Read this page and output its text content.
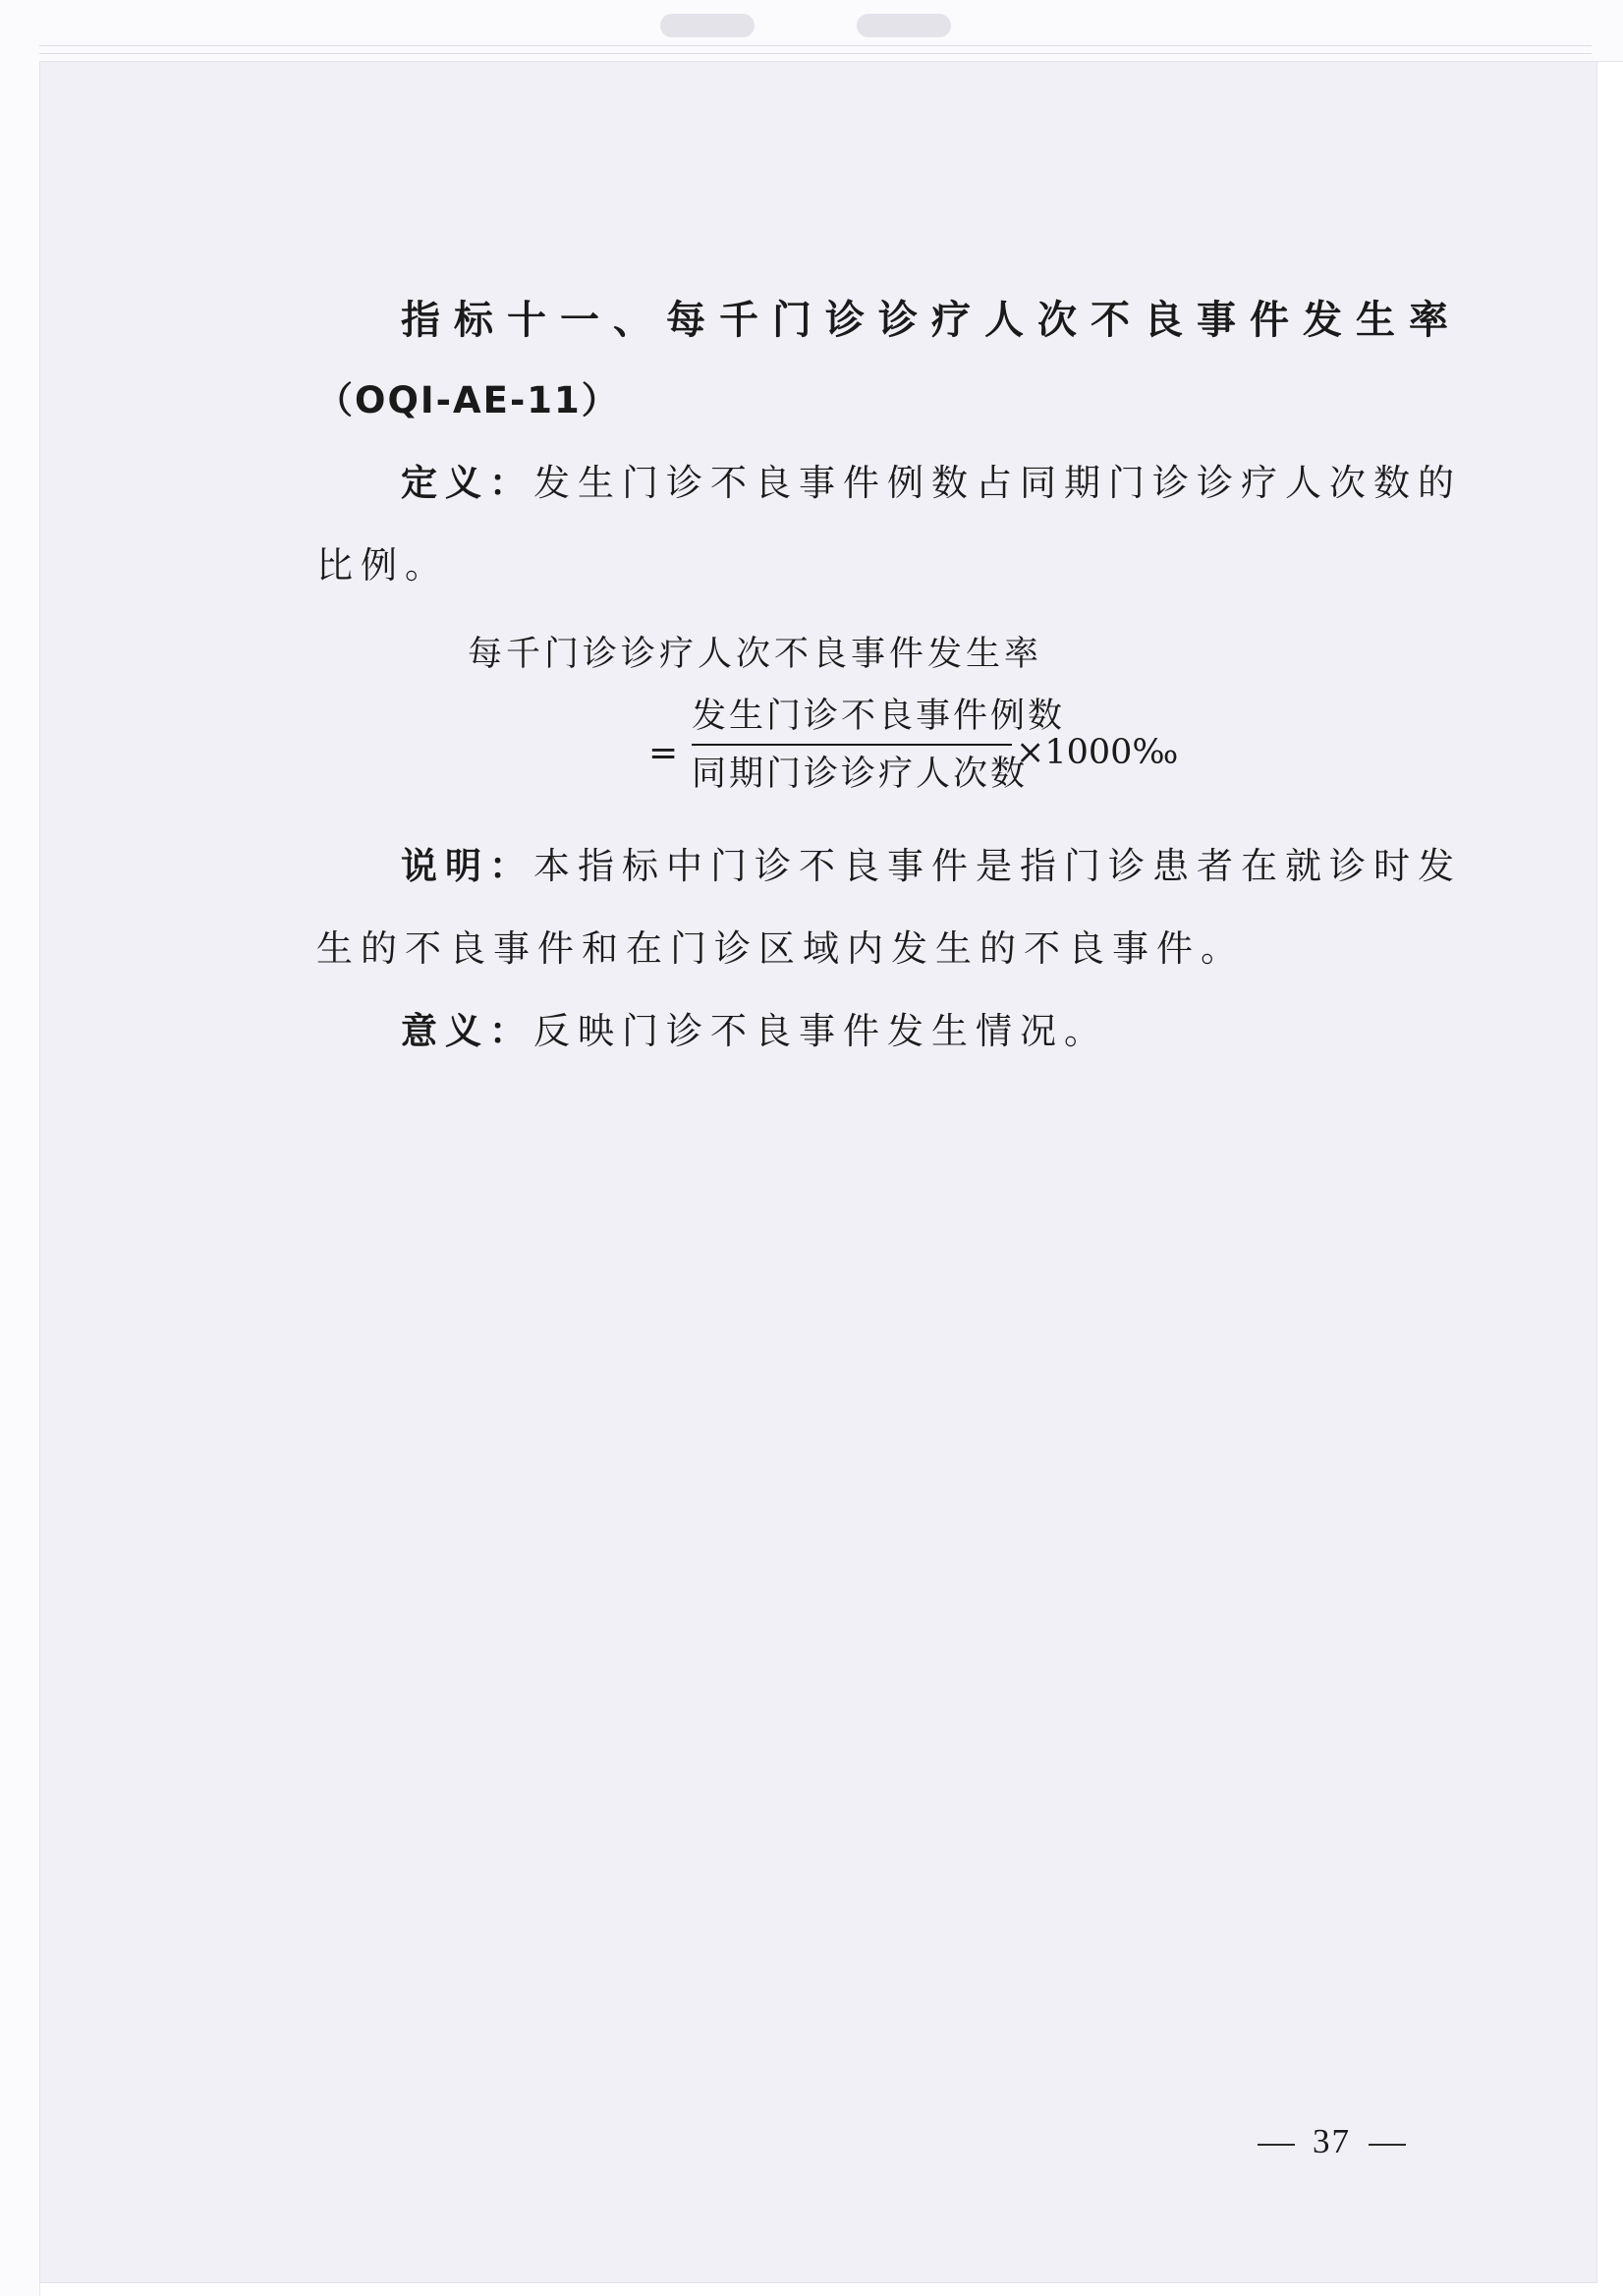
指标十一、每千门诊诊疗人次不良事件发生率
（OQI-AE-11）
定义：发生门诊不良事件例数占同期门诊诊疗人次数的
比例。
每千门诊诊疗人次不良事件发生率
=
发生门诊不良事件例数
同期门诊诊疗人次数
×1000‰
说明：本指标中门诊不良事件是指门诊患者在就诊时发
生的不良事件和在门诊区域内发生的不良事件。
意义：反映门诊不良事件发生情况。
37
